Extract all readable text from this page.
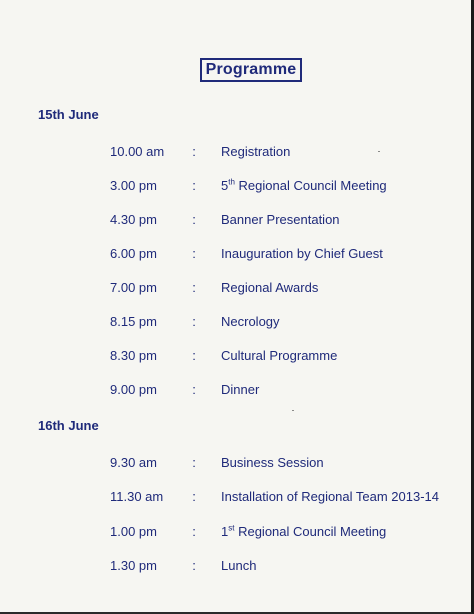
Programme
15th June
10.00 am	: Registration
3.00 pm	: 5th Regional Council Meeting
4.30 pm	: Banner Presentation
6.00 pm	: Inauguration by Chief Guest
7.00 pm	: Regional Awards
8.15 pm	: Necrology
8.30 pm	: Cultural Programme
9.00 pm	: Dinner
16th June
9.30 am	: Business Session
11.30 am	: Installation of Regional Team 2013-14
1.00 pm	: 1st Regional Council Meeting
1.30 pm	: Lunch
